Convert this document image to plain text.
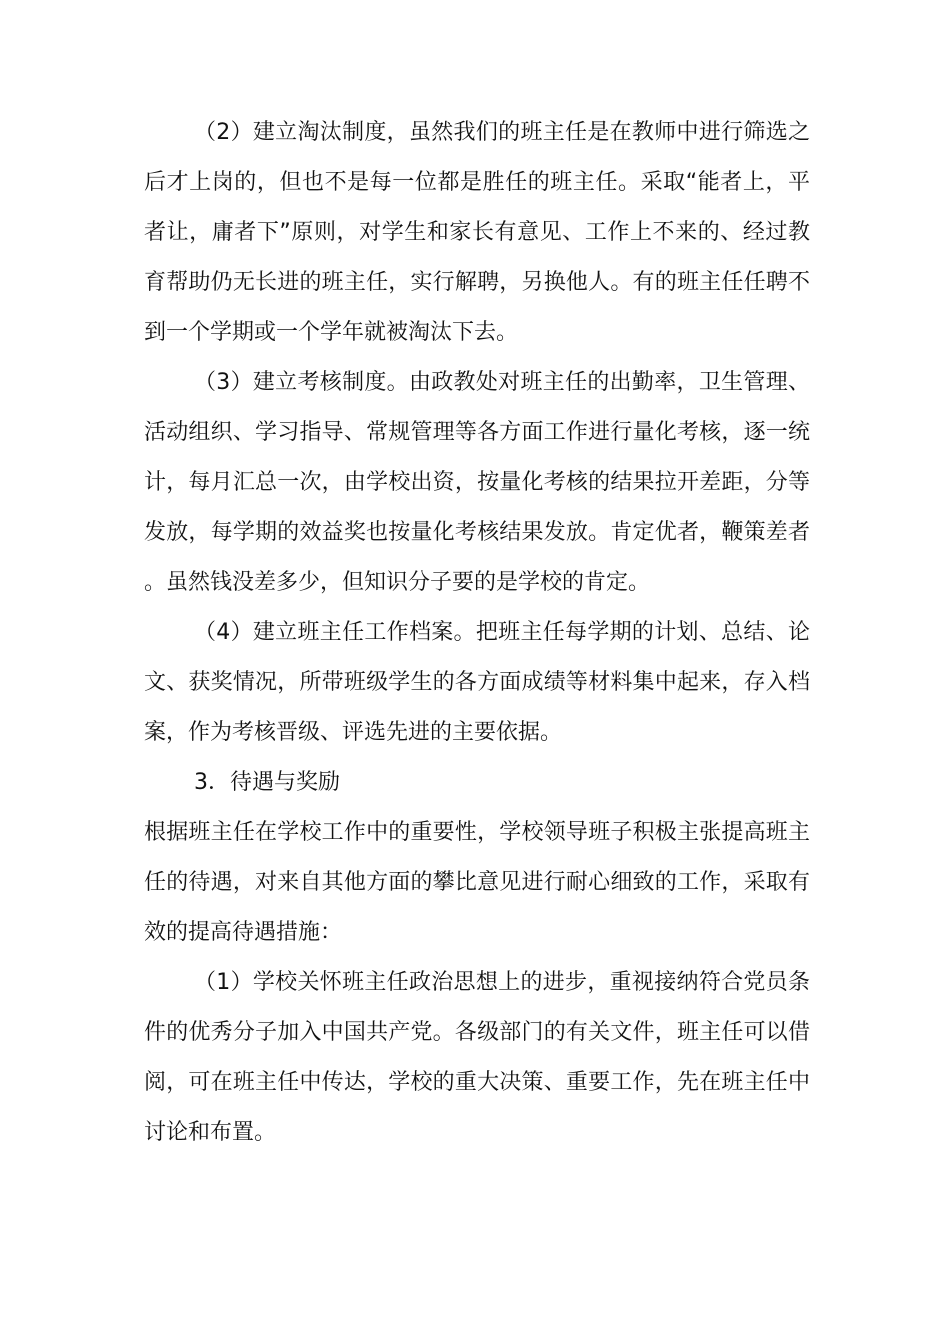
（2）建立淘汰制度，虽然我们的班主任是在教师中进行筛选之后才上岗的，但也不是每一位都是胜任的班主任。采取“能者上，平者让，庸者下”原则，对学生和家长有意见、工作上不来的、经过教育帮助仍无长进的班主任，实行解聘，另换他人。有的班主任任聘不到一个学期或一个学年就被淘汰下去。

（3）建立考核制度。由政教处对班主任的出勤率，卫生管理、活动组织、学习指导、常规管理等各方面工作进行量化考核，逐一统计，每月汇总一次，由学校出资，按量化考核的结果拉开差距，分等发放，每学期的效益奖也按量化考核结果发放。肯定优者，鞭策差者。虽然钱没差多少，但知识分子要的是学校的肯定。

（4）建立班主任工作档案。把班主任每学期的计划、总结、论文、获奖情况，所带班级学生的各方面成绩等材料集中起来，存入档案，作为考核晋级、评选先进的主要依据。

3．待遇与奖励

根据班主任在学校工作中的重要性，学校领导班子积极主张提高班主任的待遇，对来自其他方面的攀比意见进行耐心细致的工作，采取有效的提高待遇措施：

（1）学校关怀班主任政治思想上的进步，重视接纳符合党员条件的优秀分子加入中国共产党。各级部门的有关文件，班主任可以借阅，可在班主任中传达，学校的重大决策、重要工作，先在班主任中讨论和布置。
